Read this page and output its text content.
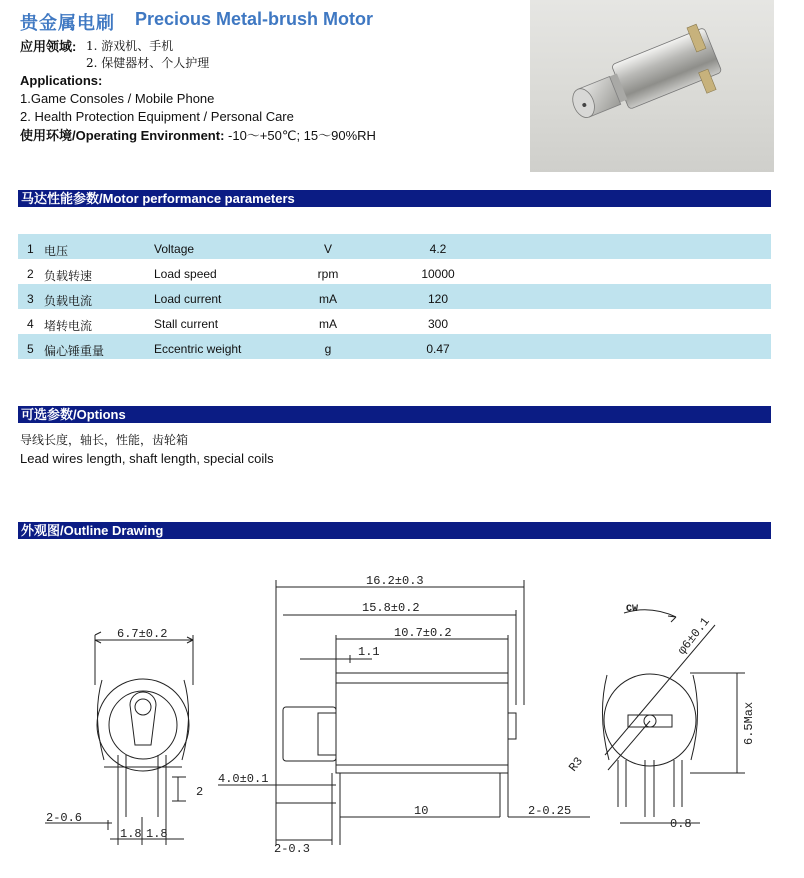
贵金属电刷 Precious Metal-brush Motor
应用领域: 1. 游戏机、手机
2. 保健器材、个人护理
Applications:
1.Game Consoles / Mobile Phone
2. Health Protection Equipment / Personal Care
使用环境/Operating Environment: -10～+50℃; 15～90%RH
马达性能参数/Motor performance parameters
1 电压	Voltage	V	4.2
2 负载转速	Load speed	rpm	10000
3 负载电流	Load current	mA	120
4 堵转电流	Stall current	mA	300
5 偏心锤重量	Eccentric weight	g	0.47
可选参数/Options
导线长度，轴长，性能，齿轮箱
Lead wires length, shaft length, special coils
外观图/Outline Drawing
6.7±0.2
2
2-0.6
1.8 1.8
16.2±0.3
15.8±0.2
10.7±0.2
1.1
4.0±0.1
2-0.3
10	2-0.25
CW
φ6±0.1
R3
6.5Max
0.8
